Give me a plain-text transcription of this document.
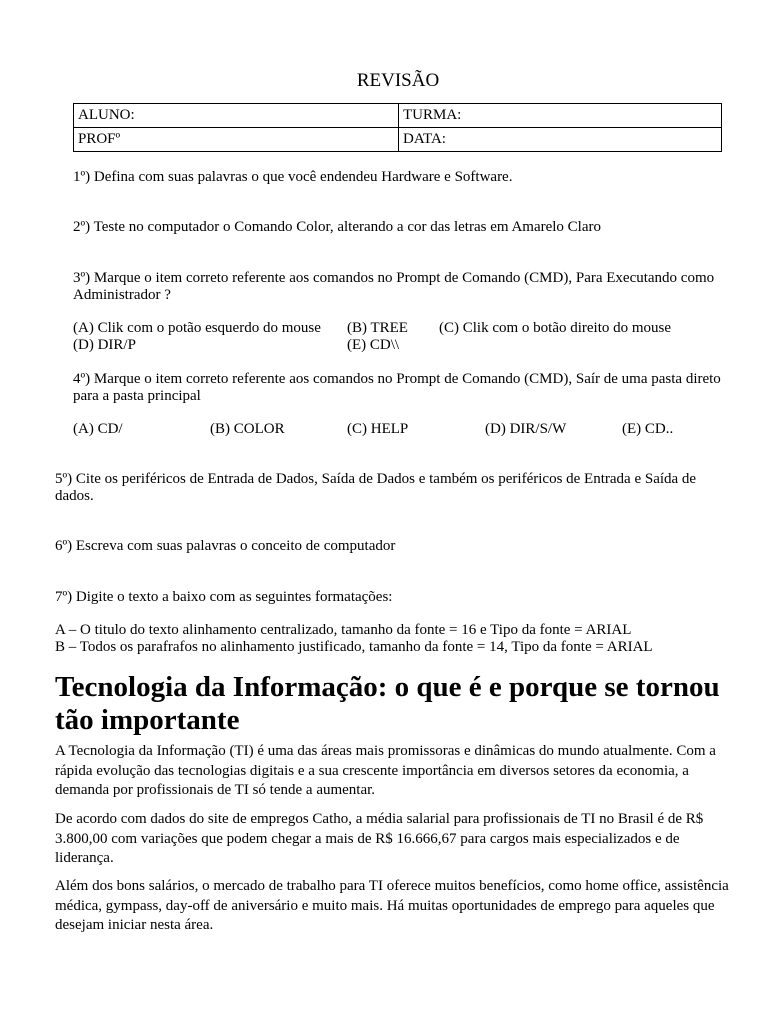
REVISÃO
ALUNO:	TURMA:
PROFº	DATA:
1º) Defina com suas palavras o que você endendeu Hardware e Software.
2º) Teste no computador o Comando Color, alterando a cor das letras em Amarelo Claro
3º) Marque o item correto referente aos comandos no Prompt de Comando (CMD), Para Executando como Administrador ?
(A) Clik com o potão esquerdo do mouse (B) TREE (C) Clik com o botão direito do mouse
(D) DIR/P	(E) CD\\
4º) Marque o item correto referente aos comandos no Prompt de Comando (CMD), Saír de uma pasta direto para a pasta principal
(A) CD/	(B) COLOR	(C) HELP	(D) DIR/S/W	(E) CD..
5º) Cite os periféricos de Entrada de Dados, Saída de Dados e também os periféricos de Entrada e Saída de dados.
6º) Escreva com suas palavras o conceito de computador
7º) Digite o texto a baixo com as seguintes formatações:
A – O titulo do texto alinhamento centralizado, tamanho da fonte = 16 e Tipo da fonte = ARIAL
B – Todos os parafrafos no alinhamento justificado, tamanho da fonte = 14, Tipo da fonte = ARIAL
Tecnologia da Informação: o que é e porque se tornou tão importante
A Tecnologia da Informação (TI) é uma das áreas mais promissoras e dinâmicas do mundo atualmente. Com a rápida evolução das tecnologias digitais e a sua crescente importância em diversos setores da economia, a demanda por profissionais de TI só tende a aumentar.
De acordo com dados do site de empregos Catho, a média salarial para profissionais de TI no Brasil é de R$ 3.800,00 com variações que podem chegar a mais de R$ 16.666,67 para cargos mais especializados e de liderança.
Além dos bons salários, o mercado de trabalho para TI oferece muitos benefícios, como home office, assistência médica, gympass, day-off de aniversário e muito mais. Há muitas oportunidades de emprego para aqueles que desejam iniciar nesta área.
